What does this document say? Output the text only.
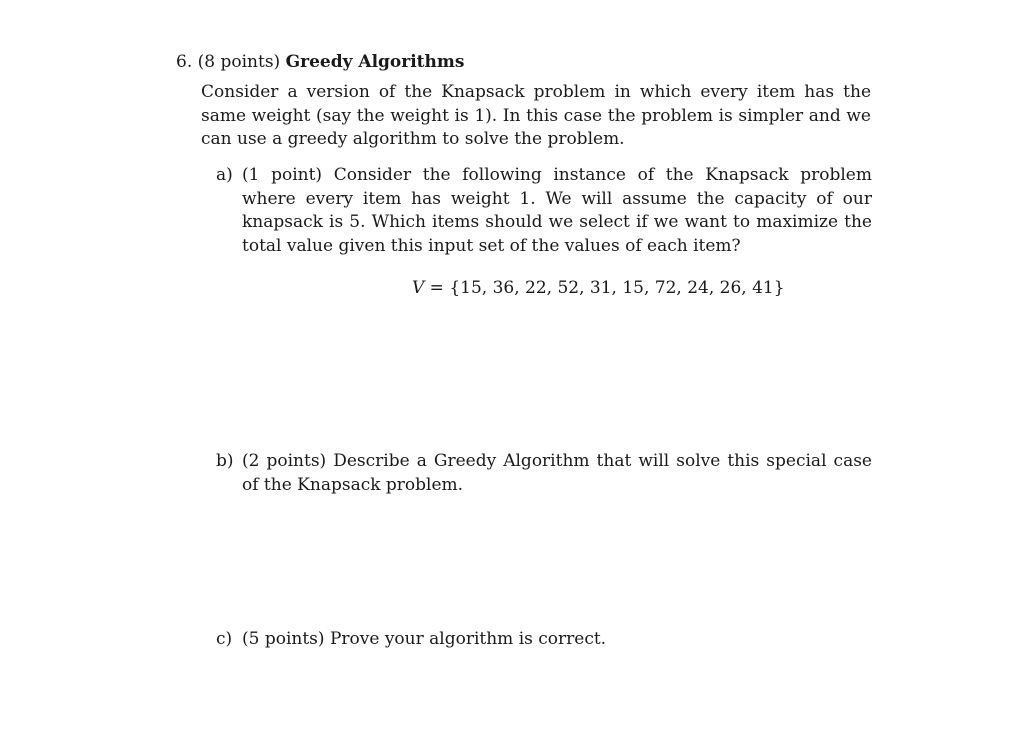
6. (8 points) Greedy Algorithms
Consider a version of the Knapsack problem in which every item has the same weight (say the weight is 1). In this case the problem is simpler and we can use a greedy algorithm to solve the problem.
a) (1 point) Consider the following instance of the Knapsack problem where every item has weight 1. We will assume the capacity of our knapsack is 5. Which items should we select if we want to maximize the total value given this input set of the values of each item?
V = {15, 36, 22, 52, 31, 15, 72, 24, 26, 41}
b) (2 points) Describe a Greedy Algorithm that will solve this special case of the Knapsack problem.
c) (5 points) Prove your algorithm is correct.
